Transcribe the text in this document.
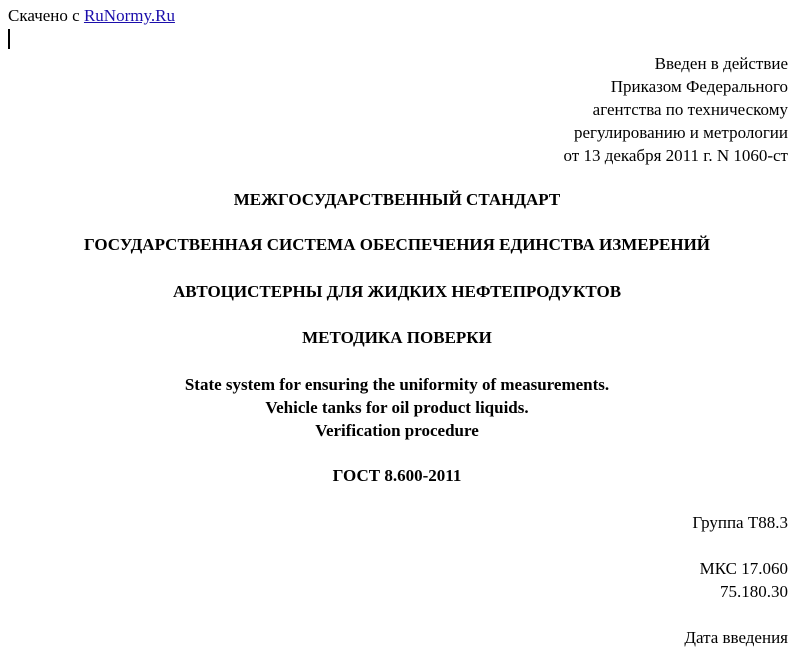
Скачено с RuNormy.Ru
Введен в действие
Приказом Федерального
агентства по техническому
регулированию и метрологии
от 13 декабря 2011 г. N 1060-ст
МЕЖГОСУДАРСТВЕННЫЙ СТАНДАРТ
ГОСУДАРСТВЕННАЯ СИСТЕМА ОБЕСПЕЧЕНИЯ ЕДИНСТВА ИЗМЕРЕНИЙ
АВТОЦИСТЕРНЫ ДЛЯ ЖИДКИХ НЕФТЕПРОДУКТОВ
МЕТОДИКА ПОВЕРКИ
State system for ensuring the uniformity of measurements.
Vehicle tanks for oil product liquids.
Verification procedure
ГОСТ 8.600-2011
Группа Т88.3
МКС 17.060
75.180.30
Дата введения
